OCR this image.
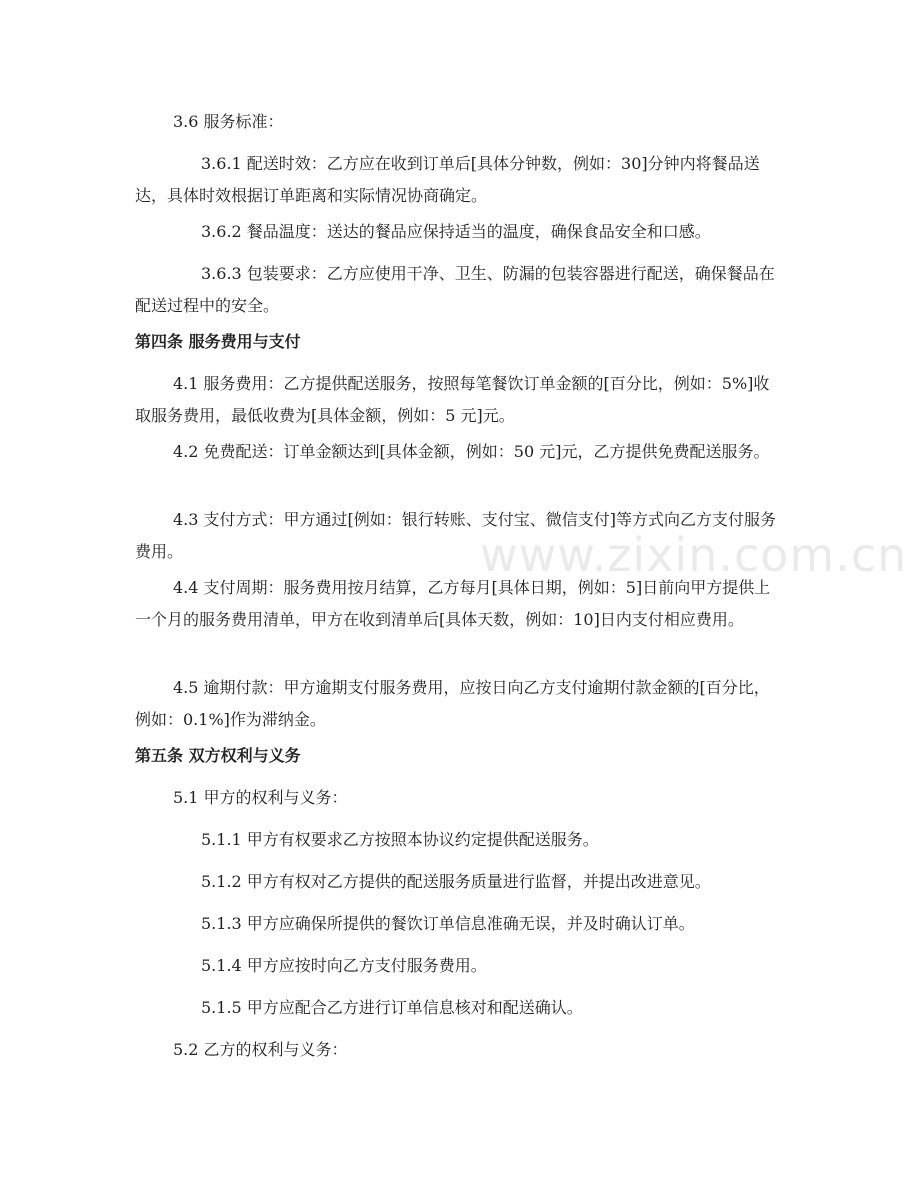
3.6 服务标准：

3.6.1 配送时效：乙方应在收到订单后[具体分钟数，例如：30]分钟内将餐品送达，具体时效根据订单距离和实际情况协商确定。

3.6.2 餐品温度：送达的餐品应保持适当的温度，确保食品安全和口感。

3.6.3 包装要求：乙方应使用干净、卫生、防漏的包装容器进行配送，确保餐品在配送过程中的安全。

第四条 服务费用与支付

4.1 服务费用：乙方提供配送服务，按照每笔餐饮订单金额的[百分比，例如：5%]收取服务费用，最低收费为[具体金额，例如：5 元]元。

4.2 免费配送：订单金额达到[具体金额，例如：50 元]元，乙方提供免费配送服务。

4.3 支付方式：甲方通过[例如：银行转账、支付宝、微信支付]等方式向乙方支付服务费用。

4.4 支付周期：服务费用按月结算，乙方每月[具体日期，例如：5]日前向甲方提供上一个月的服务费用清单，甲方在收到清单后[具体天数，例如：10]日内支付相应费用。

4.5 逾期付款：甲方逾期支付服务费用，应按日向乙方支付逾期付款金额的[百分比，例如：0.1%]作为滞纳金。

第五条 双方权利与义务

5.1 甲方的权利与义务：

5.1.1 甲方有权要求乙方按照本协议约定提供配送服务。

5.1.2 甲方有权对乙方提供的配送服务质量进行监督，并提出改进意见。

5.1.3 甲方应确保所提供的餐饮订单信息准确无误，并及时确认订单。

5.1.4 甲方应按时向乙方支付服务费用。

5.1.5 甲方应配合乙方进行订单信息核对和配送确认。

5.2 乙方的权利与义务：

www.zixin.com.cn
